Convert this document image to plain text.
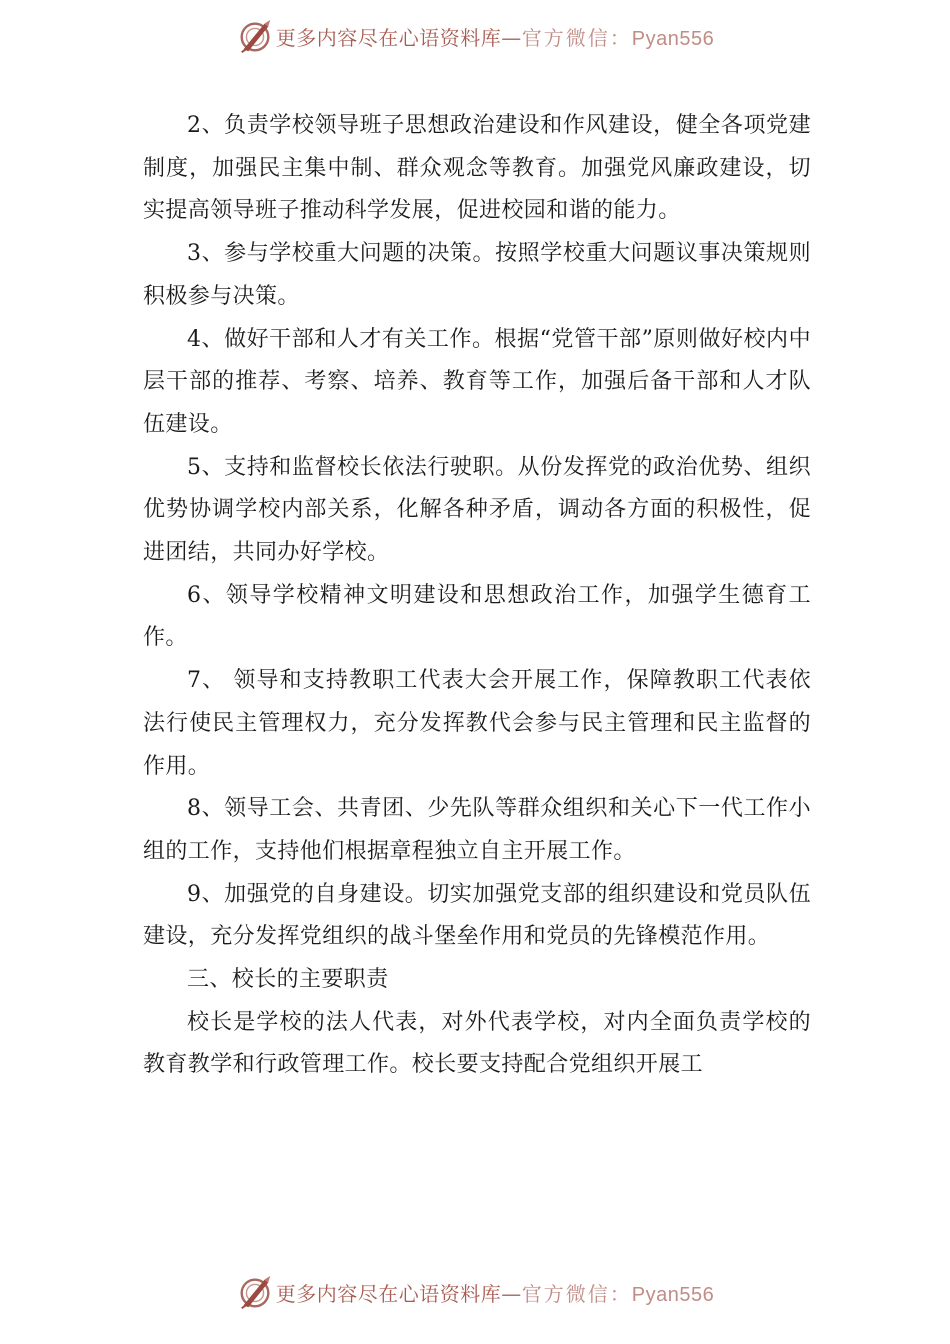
更多内容尽在心语资料库—官方微信：Pyan556

2、负责学校领导班子思想政治建设和作风建设，健全各项党建制度，加强民主集中制、群众观念等教育。加强党风廉政建设，切实提高领导班子推动科学发展，促进校园和谐的能力。

3、参与学校重大问题的决策。按照学校重大问题议事决策规则积极参与决策。

4、做好干部和人才有关工作。根据“党管干部”原则做好校内中层干部的推荐、考察、培养、教育等工作，加强后备干部和人才队伍建设。

5、支持和监督校长依法行驶职。从份发挥党的政治优势、组织优势协调学校内部关系，化解各种矛盾，调动各方面的积极性，促进团结，共同办好学校。

6、领导学校精神文明建设和思想政治工作，加强学生德育工作。

7、 领导和支持教职工代表大会开展工作，保障教职工代表依法行使民主管理权力，充分发挥教代会参与民主管理和民主监督的作用。

8、领导工会、共青团、少先队等群众组织和关心下一代工作小组的工作，支持他们根据章程独立自主开展工作。

9、加强党的自身建设。切实加强党支部的组织建设和党员队伍建设，充分发挥党组织的战斗堡垒作用和党员的先锋模范作用。

三、校长的主要职责

校长是学校的法人代表，对外代表学校，对内全面负责学校的教育教学和行政管理工作。校长要支持配合党组织开展工

更多内容尽在心语资料库—官方微信：Pyan556
